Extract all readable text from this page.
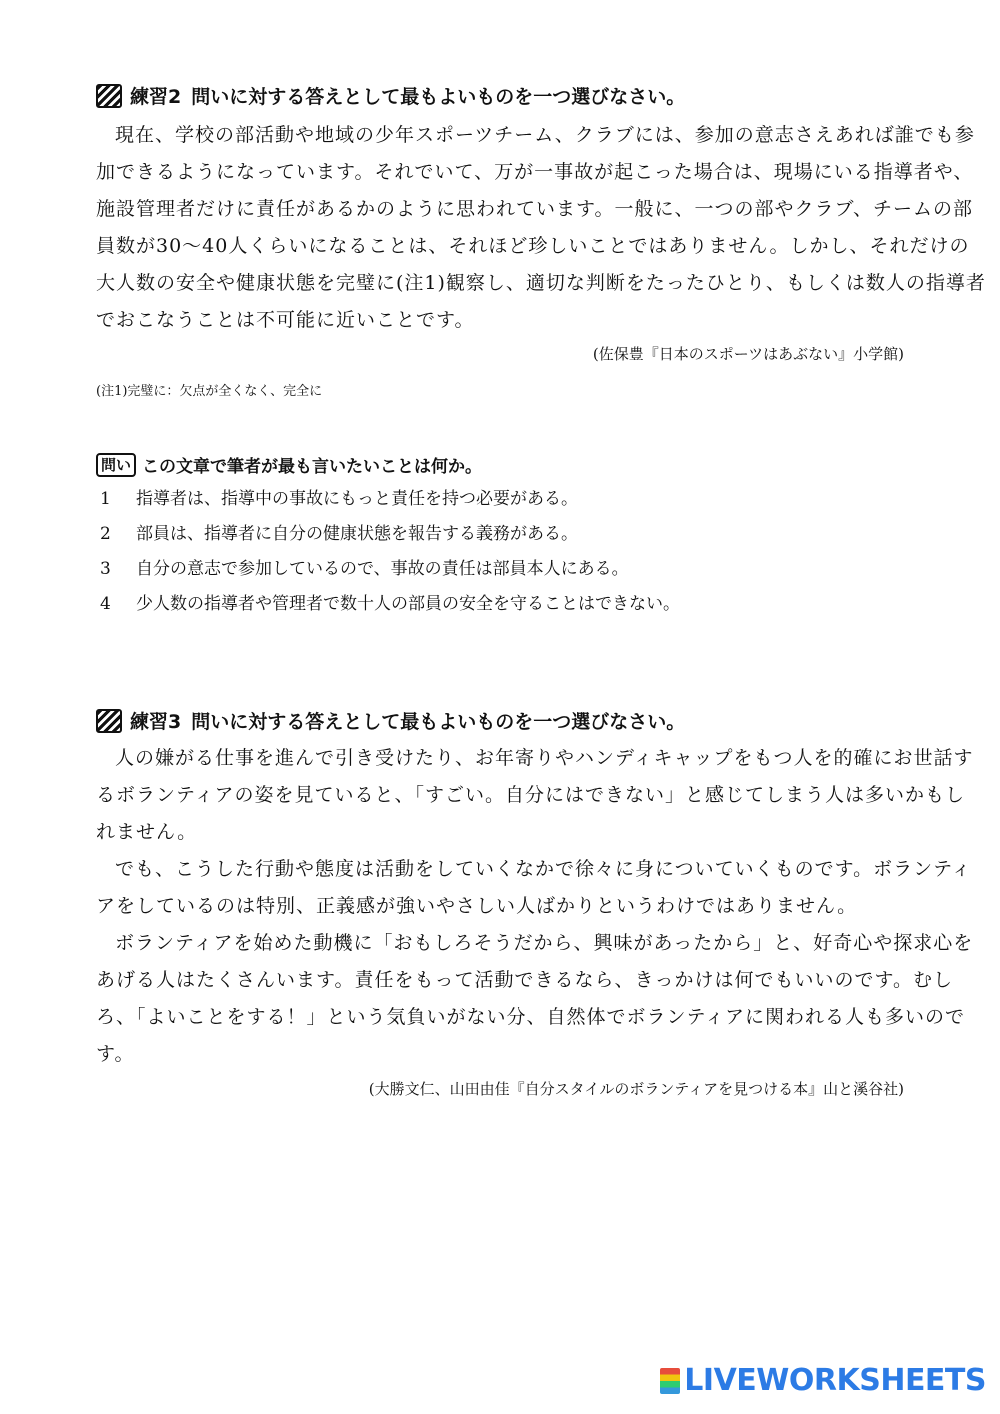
練習2 問いに対する答えとして最もよいものを一つ選びなさい。

現在、学校の部活動や地域の少年スポーツチーム、クラブには、参加の意志さえあれば誰でも参

加できるようになっています。それでいて、万が一事故が起こった場合は、現場にいる指導者や、

施設管理者だけに責任があるかのように思われています。一般に、一つの部やクラブ、チームの部

員数が30～40人くらいになることは、それほど珍しいことではありません。しかし、それだけの

大人数の安全や健康状態を完璧に(注1)観察し、適切な判断をたったひとり、もしくは数人の指導者

でおこなうことは不可能に近いことです。

(佐保豊『日本のスポーツはあぶない』小学館)
(注1)完璧に：欠点が全くなく、完全に
問い この文章で筆者が最も言いたいことは何か。
1	指導者は、指導中の事故にもっと責任を持つ必要がある。
2	部員は、指導者に自分の健康状態を報告する義務がある。
3	自分の意志で参加しているので、事故の責任は部員本人にある。
4	少人数の指導者や管理者で数十人の部員の安全を守ることはできない。
練習3 問いに対する答えとして最もよいものを一つ選びなさい。

人の嫌がる仕事を進んで引き受けたり、お年寄りやハンディキャップをもつ人を的確にお世話す

るボランティアの姿を見ていると、「すごい。自分にはできない」と感じてしまう人は多いかもし

れません。

でも、こうした行動や態度は活動をしていくなかで徐々に身についていくものです。ボランティ

アをしているのは特別、正義感が強いやさしい人ばかりというわけではありません。

ボランティアを始めた動機に「おもしろそうだから、興味があったから」と、好奇心や探求心を

あげる人はたくさんいます。責任をもって活動できるなら、きっかけは何でもいいのです。むし

ろ、「よいことをする！」という気負いがない分、自然体でボランティアに関われる人も多いので

す。

(大勝文仁、山田由佳『自分スタイルのボランティアを見つける本』山と溪谷社)
LIVEWORKSHEETS
